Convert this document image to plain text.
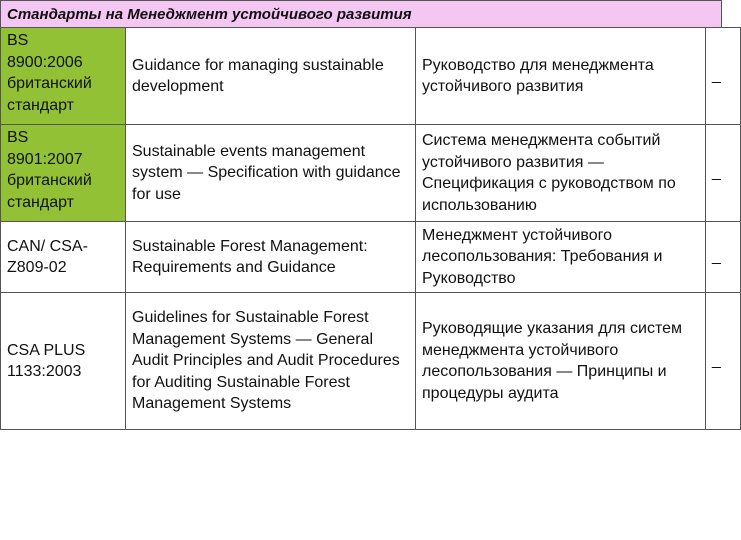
Стандарты на Менеджмент устойчивого развития
BS
8900:2006
британский
стандарт	Guidance for managing sustainable development	Руководство для менеджмента устойчивого развития	_

BS
8901:2007
британский
стандарт	Sustainable events management system — Specification with guidance for use	Система менеджмента событий устойчивого развития — Спецификация с руководством по использованию	_

CAN/ CSA-
Z809-02	Sustainable Forest Management: Requirements and Guidance	Менеджмент устойчивого лесопользования: Требования и Руководство	_

CSA PLUS
1133:2003	Guidelines for Sustainable Forest Management Systems — General Audit Principles and Audit Procedures for Auditing Sustainable Forest Management Systems	Руководящие указания для систем менеджмента устойчивого лесопользования — Принципы и процедуры аудита	_
